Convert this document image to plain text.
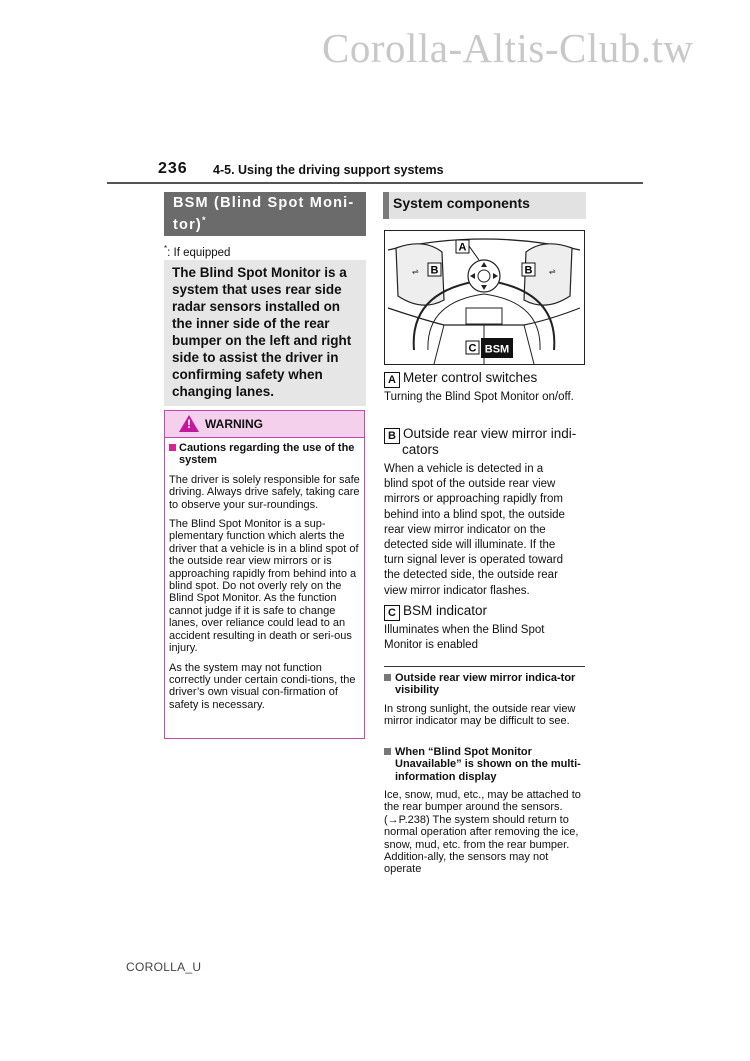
Corolla-Altis-Club.tw
236 4-5. Using the driving support systems
BSM (Blind Spot Moni-
tor)*
*: If equipped
The Blind Spot Monitor is a
system that uses rear side
radar sensors installed on
the inner side of the rear
bumper on the left and right
side to assist the driver in
confirming safety when
changing lanes.
! WARNING
Cautions regarding the use of the system

The driver is solely responsible for safe driving. Always drive safely, taking care to observe your sur-roundings.

The Blind Spot Monitor is a sup-plementary function which alerts the driver that a vehicle is in a blind spot of the outside rear view mirrors or is approaching rapidly from behind into a blind spot. Do not overly rely on the Blind Spot Monitor. As the function cannot judge if it is safe to change lanes, over reliance could lead to an accident resulting in death or seri-ous injury.

As the system may not function correctly under certain condi-tions, the driver’s own visual con-firmation of safety is necessary.

System components
⇌	⇌
A
B	B
C BSM
A Meter control switches
Turning the Blind Spot Monitor on/off.
B Outside rear view mirror indi-
cators
When a vehicle is detected in a
blind spot of the outside rear view
mirrors or approaching rapidly from
behind into a blind spot, the outside
rear view mirror indicator on the
detected side will illuminate. If the
turn signal lever is operated toward
the detected side, the outside rear
view mirror indicator flashes.
C BSM indicator
Illuminates when the Blind Spot
Monitor is enabled
Outside rear view mirror indica-tor visibility
In strong sunlight, the outside rear view mirror indicator may be difficult to see.
When “Blind Spot Monitor Unavailable” is shown on the multi-information display
Ice, snow, mud, etc., may be attached to the rear bumper around the sensors. (→P.238) The system should return to normal operation after removing the ice, snow, mud, etc. from the rear bumper. Addition-ally, the sensors may not operate
COROLLA_U
